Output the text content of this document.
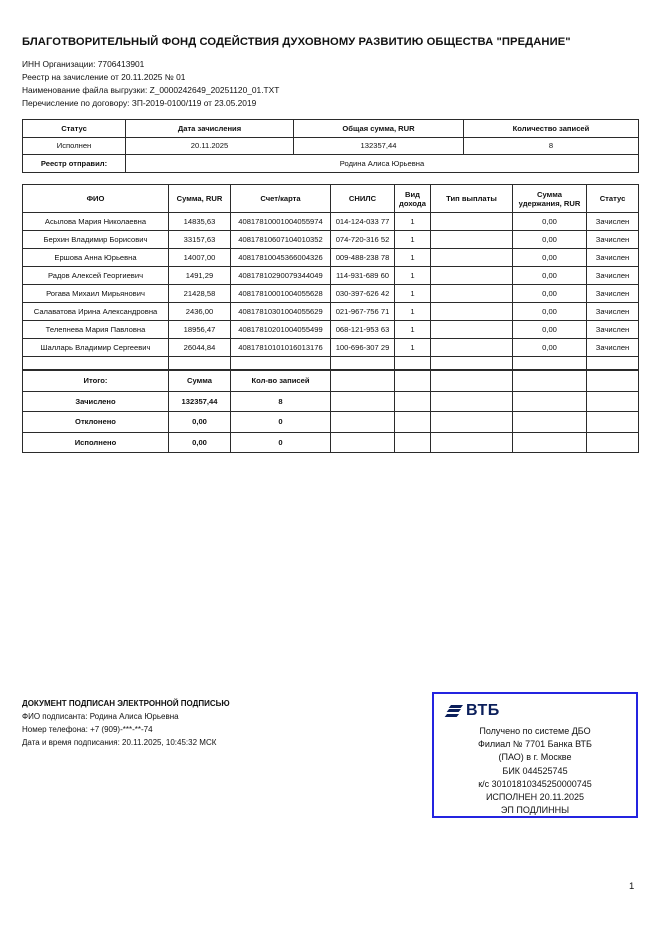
БЛАГОТВОРИТЕЛЬНЫЙ ФОНД СОДЕЙСТВИЯ ДУХОВНОМУ РАЗВИТИЮ ОБЩЕСТВА "ПРЕДАНИЕ"
ИНН Организации: 7706413901
Реестр на зачисление от 20.11.2025 № 01
Наименование файла выгрузки: Z_0000242649_20251120_01.TXT
Перечисление по договору: ЗП-2019-0100/119 от 23.05.2019
Статус	Дата зачисления	Общая сумма, RUR	Количество записей
Исполнен	20.11.2025	132357,44	8
Реестр отправил:	Родина Алиса Юрьевна		
ФИО	Сумма, RUR	Счет/карта	СНИЛС	Вид дохода	Тип выплаты	Сумма удержания, RUR	Статус
Асылова Мария Николаевна	14835,63	40817810001004055974	014-124-033 77	1		0,00	Зачислен
Берхин Владимир Борисович	33157,63	40817810607104010352	074-720-316 52	1		0,00	Зачислен
Ершова Анна Юрьевна	14007,00	40817810045366004326	009-488-238 78	1		0,00	Зачислен
Радов Алексей Георгиевич	1491,29	40817810290079344049	114-931-689 60	1		0,00	Зачислен
Рогава Михаил Мирьянович	21428,58	40817810001004055628	030-397-626 42	1		0,00	Зачислен
Салаватова Ирина Александровна	2436,00	40817810301004055629	021-967-756 71	1		0,00	Зачислен
Телепнева Мария Павловна	18956,47	40817810201004055499	068-121-953 63	1		0,00	Зачислен
Шалларь Владимир Сергеевич	26044,84	40817810101016013176	100-696-307 29	1		0,00	Зачислен

Итого:	Сумма	Кол-во записей					
Зачислено	132357,44	8					
Отклонено	0,00	0					
Исполнено	0,00	0					
ДОКУМЕНТ ПОДПИСАН ЭЛЕКТРОННОЙ ПОДПИСЬЮ
ФИО подписанта: Родина Алиса Юрьевна
Номер телефона: +7 (909)-***-**-74
Дата и время подписания: 20.11.2025, 10:45:32 МСК
ВТБ
Получено по системе ДБО
Филиал № 7701 Банка ВТБ
(ПАО) в г. Москве
БИК 044525745
к/с 30101810345250000745
ИСПОЛНЕН 20.11.2025
ЭП ПОДЛИННЫ
1
